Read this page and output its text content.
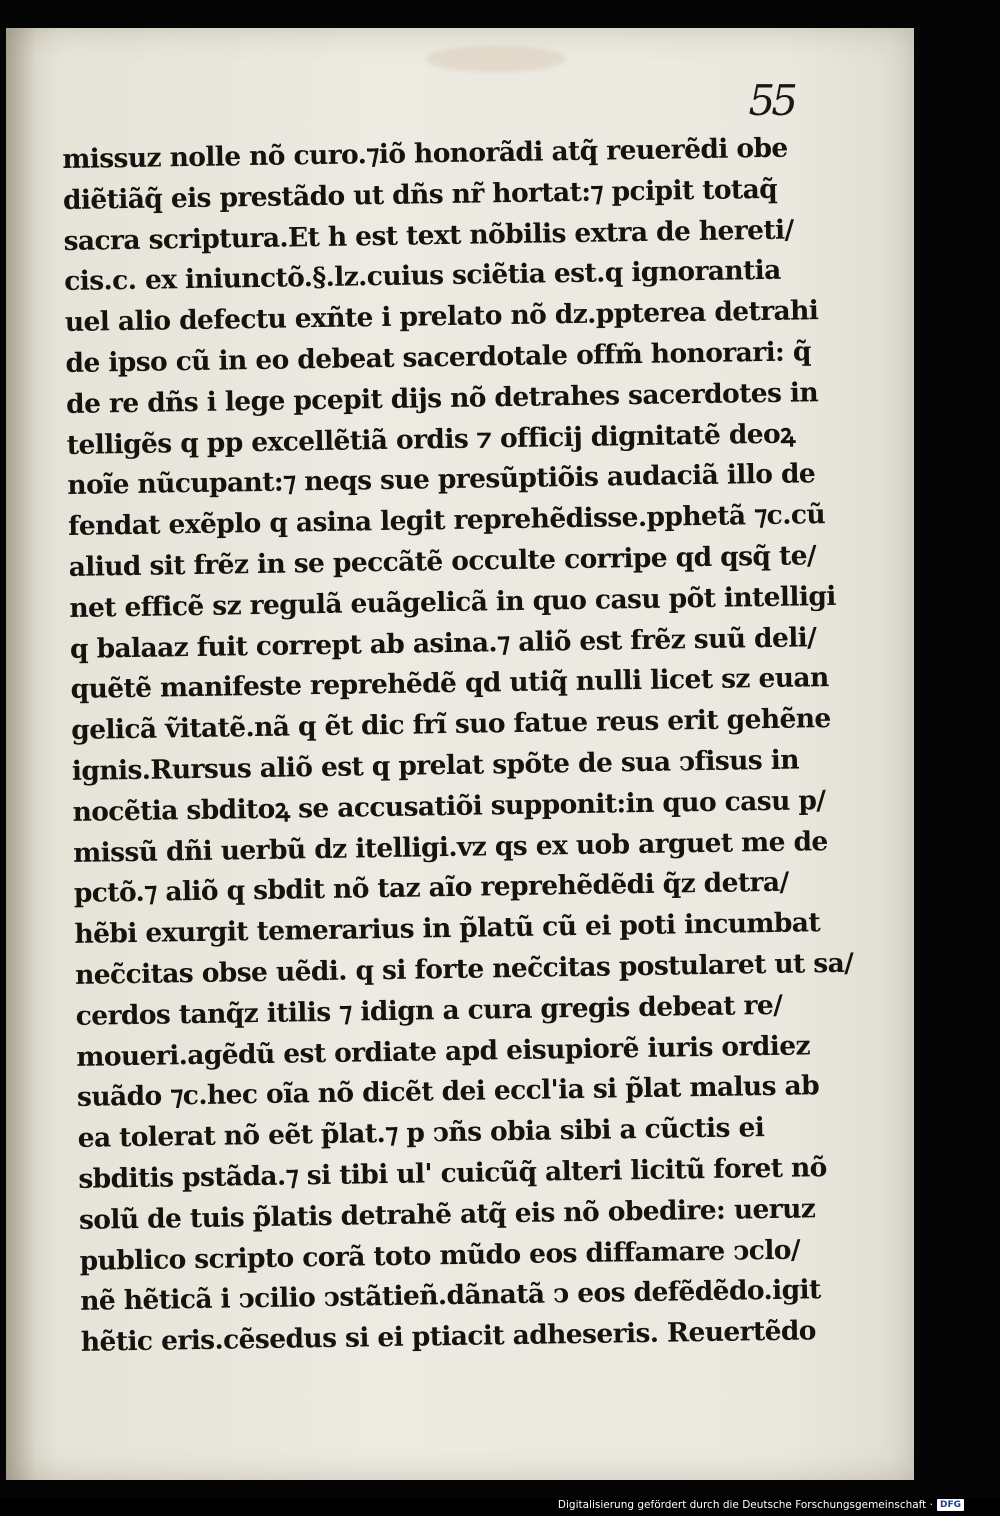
55
missuz nolle nõ curo.⁊iõ honorãdi atq̃ reuerẽdi obe
diẽtiãq̃ eis prestãdo ut dñs nr̃ hortat:⁊ pcipit totaq̃
sacra scriptura.Et h est text nõbilis extra de hereti/
cis.c. ex iniunctõ.§.lz.cuius sciẽtia est.q ignorantia
uel alio defectu exñte i prelato nõ dz.ppterea detrahi
de ipso cũ in eo debeat sacerdotale offm̃ honorari: q̃
de re dñs i lege pcepit dijs nõ detrahes sacerdotes in
telligẽs q pp excellẽtiã ordis ⁊ officij dignitatẽ deoꝝ
noĩe nũcupant:⁊ neqs sue presũptiõis audaciã illo de
fendat exẽplo q asina legit reprehẽdisse.pphetã ⁊c.cũ
aliud sit frẽz in se peccãtẽ occulte corripe qd qsq̃ te/
net efficẽ sz regulã euãgelicã in quo casu põt intelligi
q balaaz fuit corrept ab asina.⁊ aliõ est frẽz suũ deli/
quẽtẽ manifeste reprehẽdẽ qd utiq̃ nulli licet sz euan
gelicã ṽitatẽ.nã q ẽt dic frĩ suo fatue reus erit gehẽne
ignis.Rursus aliõ est q prelat spõte de sua ↄfisus in
nocẽtia sbditoꝝ se accusatiõi supponit:in quo casu p/
missũ dñi uerbũ dz itelligi.vz qs ex uob arguet me de
pctõ.⁊ aliõ q sbdit nõ taz aĩo reprehẽdẽdi q̃z detra/
hẽbi exurgit temerarius in p̃latũ cũ ei poti incumbat
nec̃citas obse uẽdi. q si forte nec̃citas postularet ut sa/
cerdos tanq̃z itilis ⁊ idign a cura gregis debeat re/
moueri.agẽdũ est ordiate apd eisupiorẽ iuris ordiez
suãdo ⁊c.hec oĩa nõ dicẽt dei eccl'ia si p̃lat malus ab
ea tolerat nõ eẽt p̃lat.⁊ p ↄñs obia sibi a cũctis ei
sbditis pstãda.⁊ si tibi ul' cuicũq̃ alteri licitũ foret nõ
solũ de tuis p̃latis detrahẽ atq̃ eis nõ obedire: ueruz
publico scripto corã toto mũdo eos diffamare ↄclo/
nẽ hẽticã i ↄcilio ↄstãtieñ.dãnatã ↄ eos defẽdẽdo.igit
hẽtic eris.cẽsedus si ei ptiacit adheseris. Reuertẽdo
Digitalisierung gefördert durch die Deutsche Forschungsgemeinschaft · DFG
